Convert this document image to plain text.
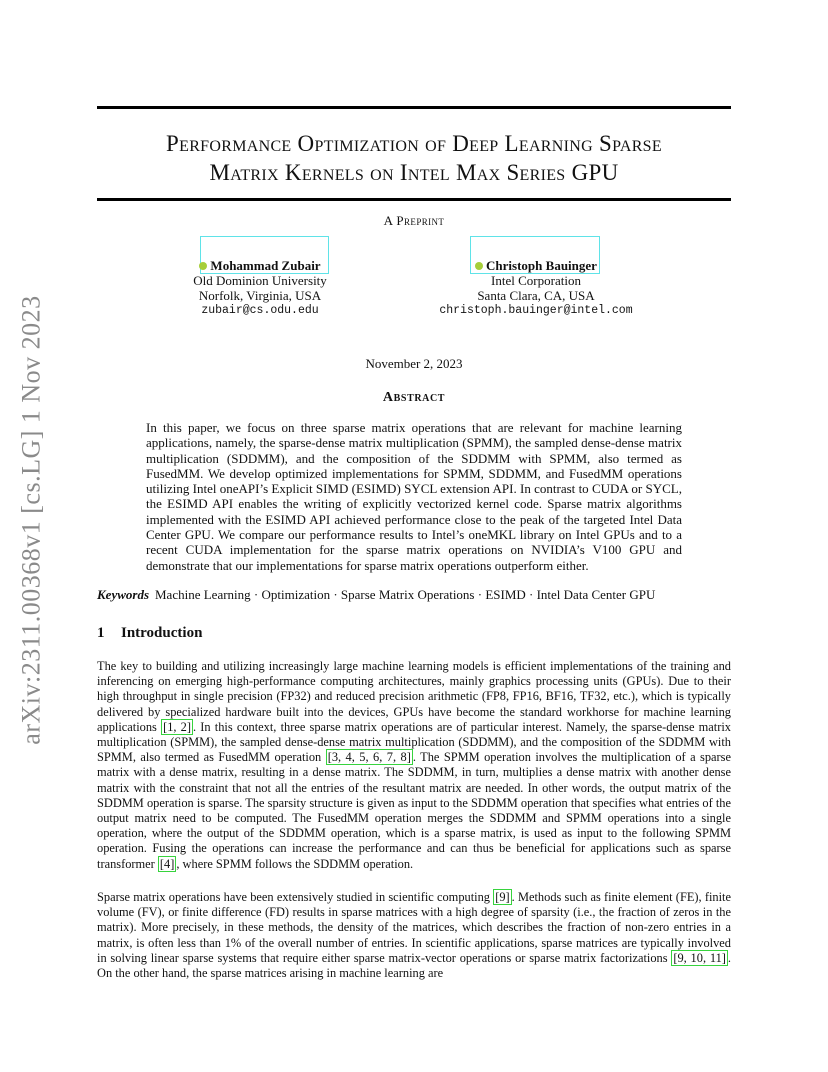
arXiv:2311.00368v1 [cs.LG] 1 Nov 2023
Performance Optimization of Deep Learning Sparse
Matrix Kernels on Intel Max Series GPU
A Preprint
Mohammad Zubair
Old Dominion University
Norfolk, Virginia, USA
zubair@cs.odu.edu
Christoph Bauinger
Intel Corporation
Santa Clara, CA, USA
christoph.bauinger@intel.com
November 2, 2023
Abstract

In this paper, we focus on three sparse matrix operations that are relevant for machine learning applications, namely, the sparse-dense matrix multiplication (SPMM), the sampled dense-dense matrix multiplication (SDDMM), and the composition of the SDDMM with SPMM, also termed as FusedMM. We develop optimized implementations for SPMM, SDDMM, and FusedMM operations utilizing Intel oneAPI’s Explicit SIMD (ESIMD) SYCL extension API. In contrast to CUDA or SYCL, the ESIMD API enables the writing of explicitly vectorized kernel code. Sparse matrix algorithms implemented with the ESIMD API achieved performance close to the peak of the targeted Intel Data Center GPU. We compare our performance results to Intel’s oneMKL library on Intel GPUs and to a recent CUDA implementation for the sparse matrix operations on NVIDIA’s V100 GPU and demonstrate that our implementations for sparse matrix operations outperform either.

Keywords Machine Learning · Optimization · Sparse Matrix Operations · ESIMD · Intel Data Center GPU
1 Introduction

The key to building and utilizing increasingly large machine learning models is efficient implementations of the training and inferencing on emerging high-performance computing architectures, mainly graphics processing units (GPUs). Due to their high throughput in single precision (FP32) and reduced precision arithmetic (FP8, FP16, BF16, TF32, etc.), which is typically delivered by specialized hardware built into the devices, GPUs have become the standard workhorse for machine learning applications [1, 2] . In this context, three sparse matrix operations are of particular interest. Namely, the sparse-dense matrix multiplication (SPMM), the sampled dense-dense matrix multiplication (SDDMM), and the composition of the SDDMM with SPMM, also termed as FusedMM operation [3, 4, 5, 6, 7, 8] . The SPMM operation involves the multiplication of a sparse matrix with a dense matrix, resulting in a dense matrix. The SDDMM, in turn, multiplies a dense matrix with another dense matrix with the constraint that not all the entries of the resultant matrix are needed. In other words, the output matrix of the SDDMM operation is sparse. The sparsity structure is given as input to the SDDMM operation that specifies what entries of the output matrix need to be computed. The FusedMM operation merges the SDDMM and SPMM operations into a single operation, where the output of the SDDMM operation, which is a sparse matrix, is used as input to the following SPMM operation. Fusing the operations can increase the performance and can thus be beneficial for applications such as sparse transformer [4] , where SPMM follows the SDDMM operation.

Sparse matrix operations have been extensively studied in scientific computing [9] . Methods such as finite element (FE), finite volume (FV), or finite difference (FD) results in sparse matrices with a high degree of sparsity (i.e., the fraction of zeros in the matrix). More precisely, in these methods, the density of the matrices, which describes the fraction of non-zero entries in a matrix, is often less than 1% of the overall number of entries. In scientific applications, sparse matrices are typically involved in solving linear sparse systems that require either sparse matrix-vector operations or sparse matrix factorizations [9, 10, 11] . On the other hand, the sparse matrices arising in machine learning are
